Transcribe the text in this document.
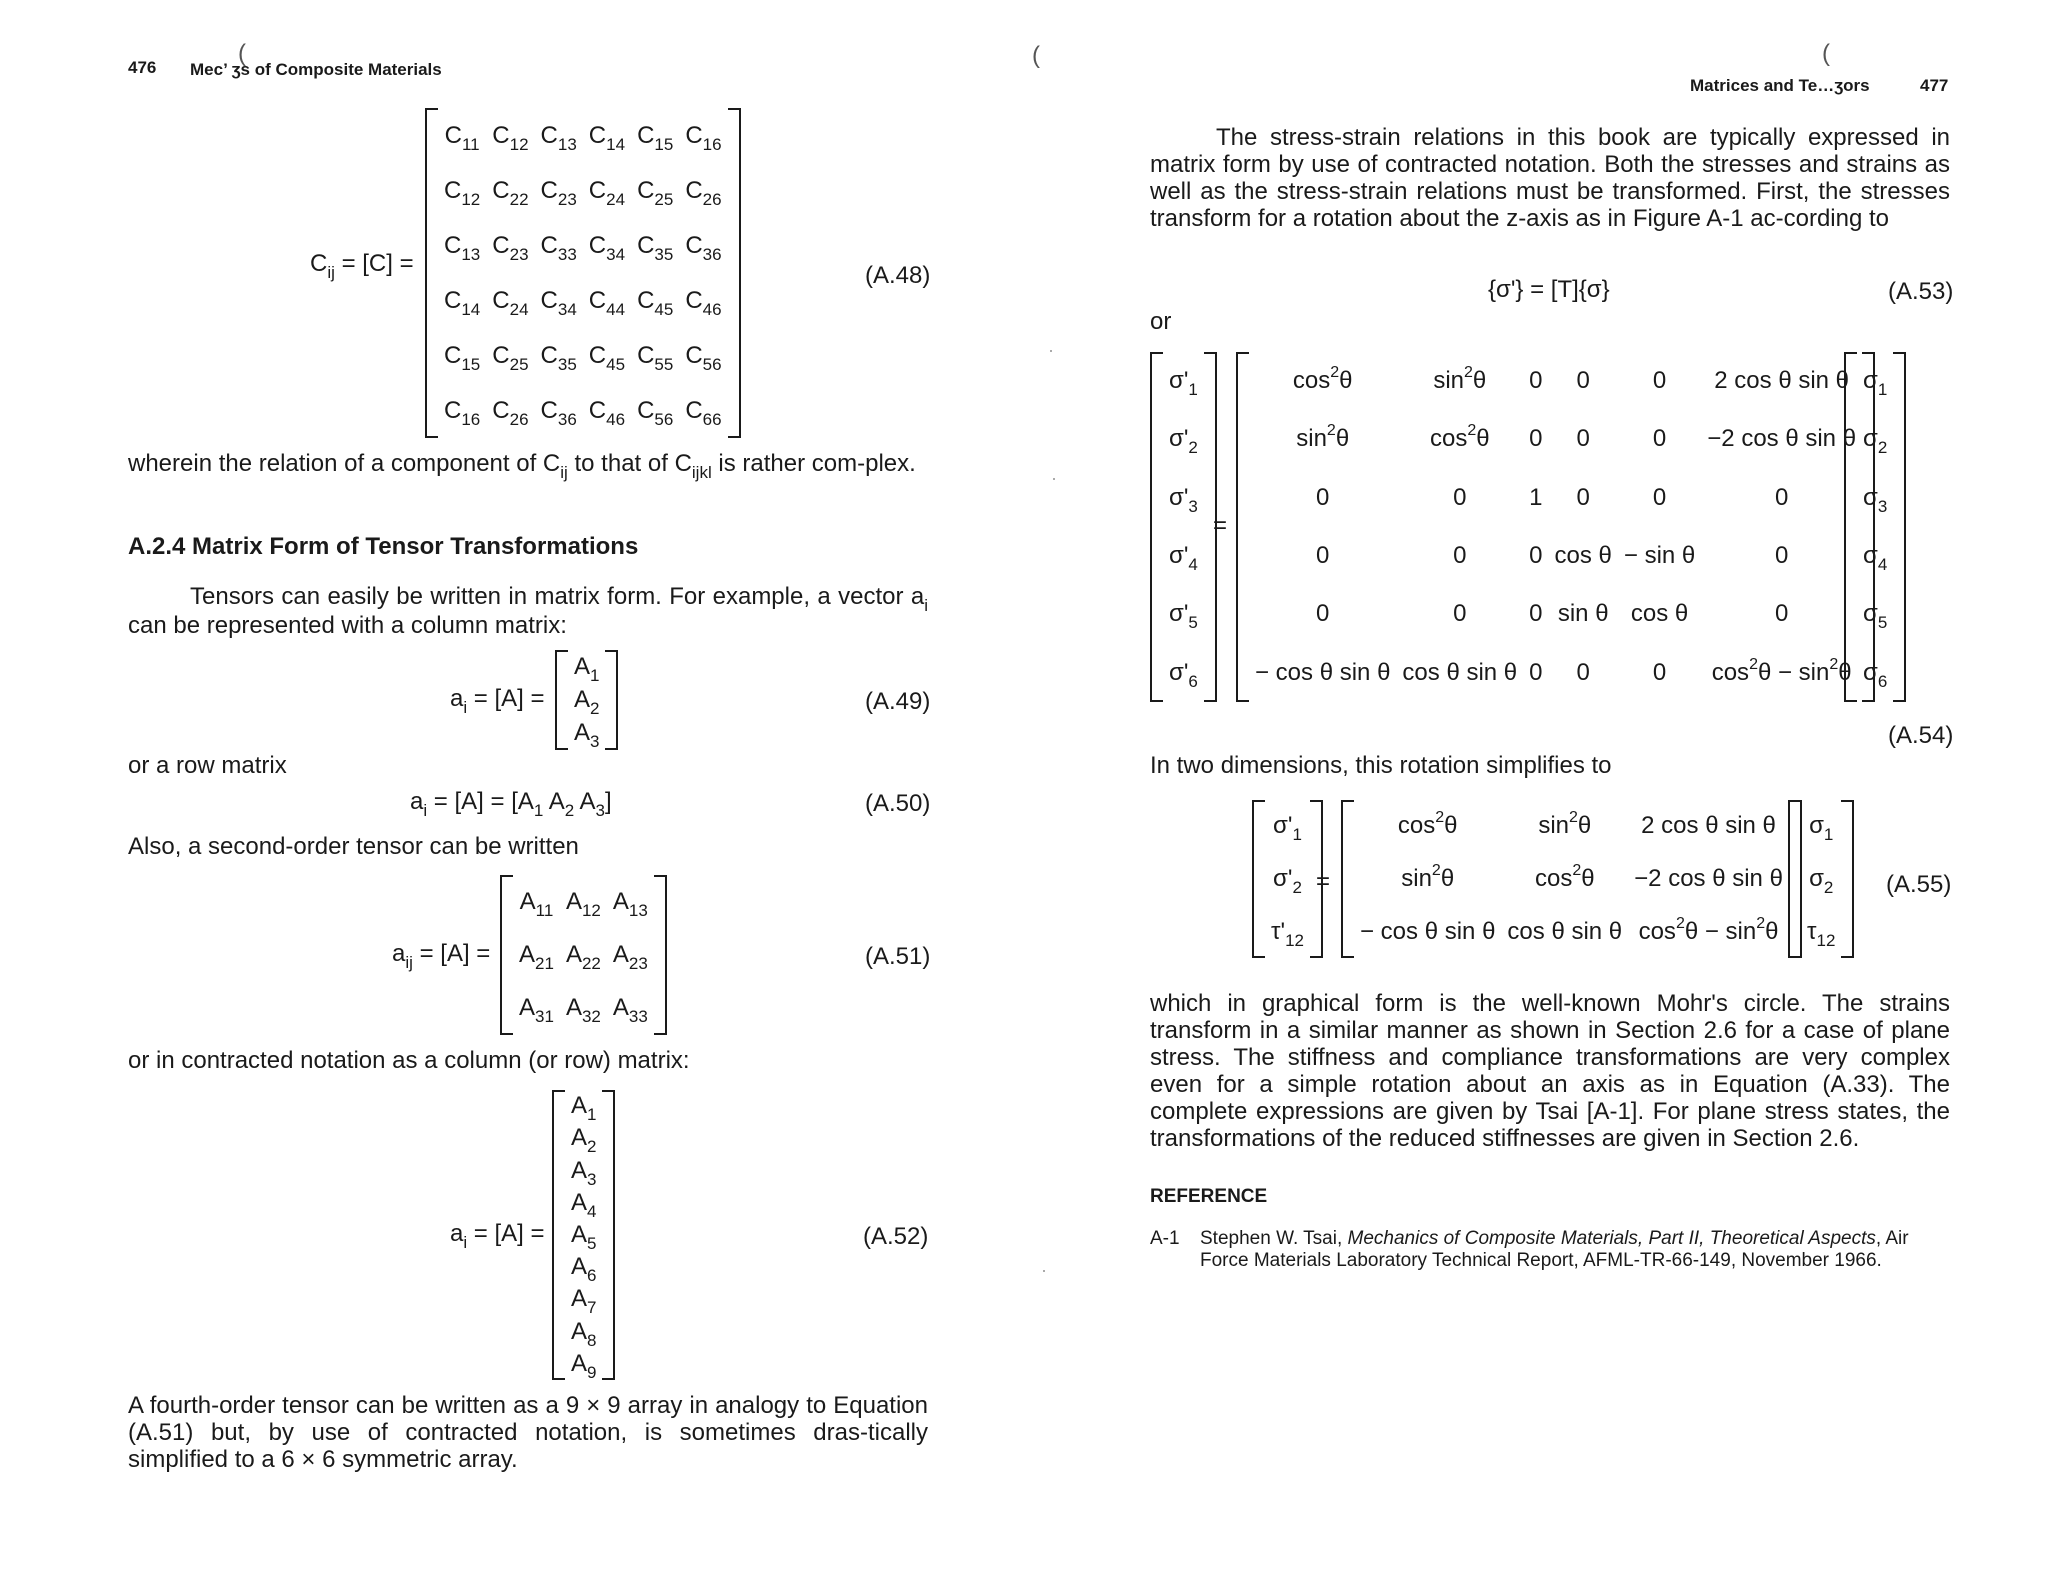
476 Mec’ ʒs of Composite Materials
$C_{ij} = [C]$ =
$C_{11}$	$C_{12}$	$C_{13}$	$C_{14}$	$C_{15}$	$C_{16}$
$C_{12}$	$C_{22}$	$C_{23}$	$C_{24}$	$C_{25}$	$C_{26}$
$C_{13}$	$C_{23}$	$C_{33}$	$C_{34}$	$C_{35}$	$C_{36}$
$C_{14}$	$C_{24}$	$C_{34}$	$C_{44}$	$C_{45}$	$C_{46}$
$C_{15}$	$C_{25}$	$C_{35}$	$C_{45}$	$C_{55}$	$C_{56}$
$C_{16}$	$C_{26}$	$C_{36}$	$C_{46}$	$C_{56}$	$C_{66}$
(A.48)
wherein the relation of a component of $C_{ij}$ to that of $C_{ijkl}$ is rather com-plex.
A.2.4 Matrix Form of Tensor Transformations
Tensors can easily be written in matrix form. For example, a vector $a_i$ can be represented with a column matrix:
$a_i = [A]$ =
$A_1$
$A_2$
$A_3$
(A.49)
or a row matrix
$a_i = [A] = [A_1$ $A_2$ $A_3$]	(A.50)
Also, a second-order tensor can be written
$a_{ij} = [A]$ =
$A_{11}$	$A_{12}$	$A_{13}$
$A_{21}$	$A_{22}$	$A_{23}$
$A_{31}$	$A_{32}$	$A_{33}$
(A.51)
or in contracted notation as a column (or row) matrix:
$a_i = [A]$ =
$A_1$
$A_2$
$A_3$
$A_4$
$A_5$
$A_6$
$A_7$
$A_8$
$A_9$
(A.52)
A fourth-order tensor can be written as a 9 × 9 array in analogy to Equation (A.51) but, by use of contracted notation, is sometimes dras-tically simplified to a 6 × 6 symmetric array.
(
(	(
Matrices and Te…ʒors	477
The stress-strain relations in this book are typically expressed in matrix form by use of contracted notation. Both the stresses and strains as well as the stress-strain relations must be transformed. First, the stresses transform for a rotation about the z-axis as in Figure A-1 ac-cording to
{σ'} = [T]{σ}	(A.53)
or
$\sigma'_1$
$\sigma'_2$
$\sigma'_3$
$\sigma'_4$
$\sigma'_5$
$\sigma'_6$
=
$\cos^2\theta$	$\sin^2\theta$	0	0	0	2 cos θ sin θ
$\sin^2\theta$	$\cos^2\theta$	0	0	0	−2 cos θ sin θ
0	0	1	0	0	0
0	0	0	cos θ	− sin θ	0
0	0	0	sin θ	cos θ	0
− cos θ sin θ	cos θ sin θ	0	0	0	$\cos^2\theta - \sin^2\theta$
$\sigma_1$
$\sigma_2$
$\sigma_3$
$\sigma_4$
$\sigma_5$
$\sigma_6$
(A.54)
In two dimensions, this rotation simplifies to
$\sigma'_1$
$\sigma'_2$
$\tau'_{12}$
=
$\cos^2\theta$	$\sin^2\theta$	2 cos θ sin θ
$\sin^2\theta$	$\cos^2\theta$	−2 cos θ sin θ
− cos θ sin θ	cos θ sin θ	$\cos^2\theta - \sin^2\theta$
$\sigma_1$
$\sigma_2$
$\tau_{12}$
(A.55)
which in graphical form is the well-known Mohr's circle. The strains transform in a similar manner as shown in Section 2.6 for a case of plane stress. The stiffness and compliance transformations are very complex even for a simple rotation about an axis as in Equation (A.33). The complete expressions are given by Tsai [A-1]. For plane stress states, the transformations of the reduced stiffnesses are given in Section 2.6.
REFERENCE
A-1 Stephen W. Tsai, Mechanics of Composite Materials, Part II, Theoretical Aspects, Air Force Materials Laboratory Technical Report, AFML-TR-66-149, November 1966.
